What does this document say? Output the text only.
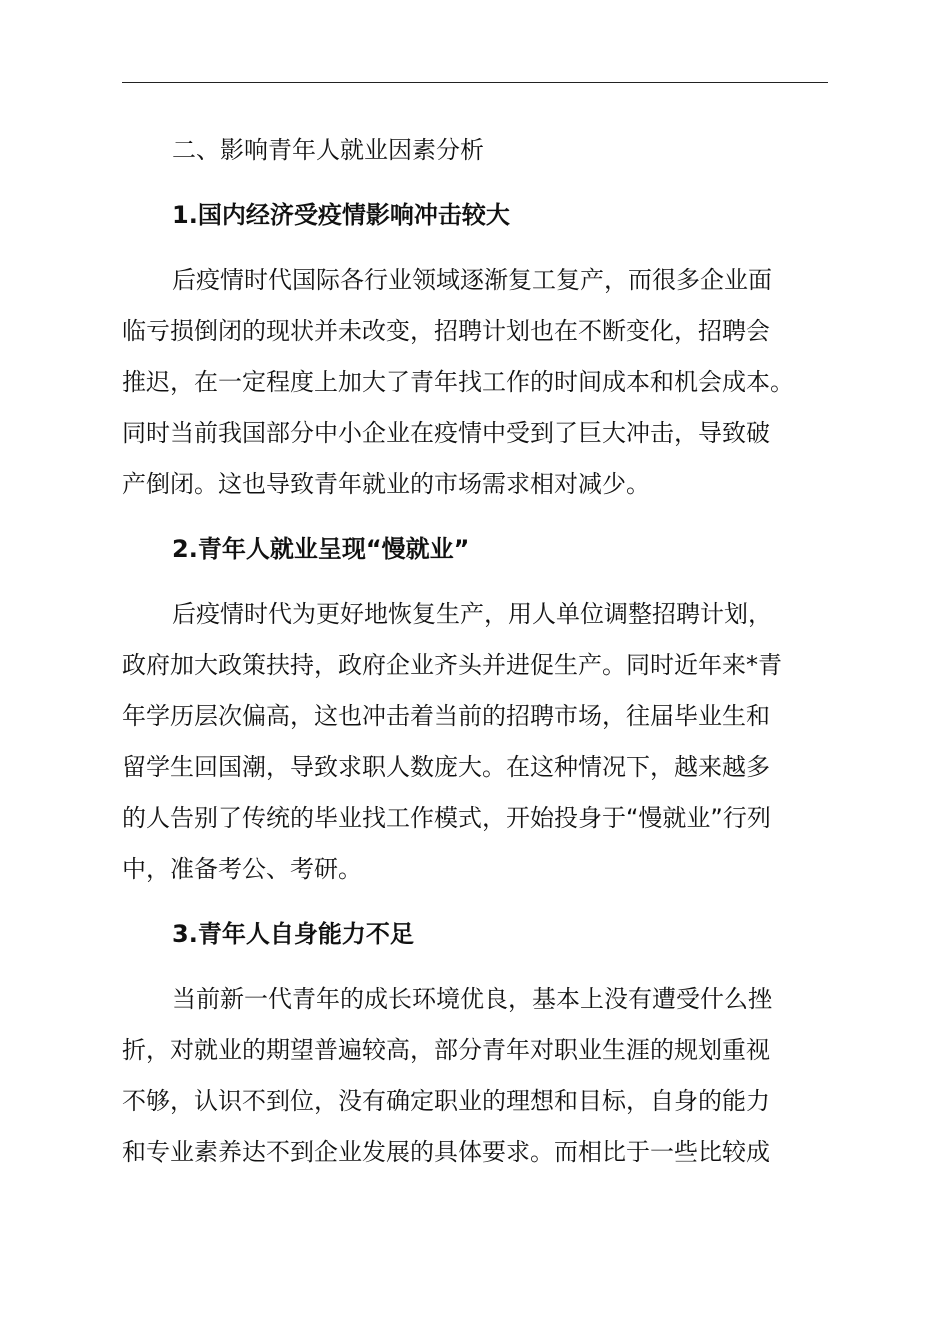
二、影响青年人就业因素分析
1.国内经济受疫情影响冲击较大
后疫情时代国际各行业领域逐渐复工复产，而很多企业面
临亏损倒闭的现状并未改变，招聘计划也在不断变化，招聘会
推迟，在一定程度上加大了青年找工作的时间成本和机会成本。
同时当前我国部分中小企业在疫情中受到了巨大冲击，导致破
产倒闭。这也导致青年就业的市场需求相对减少。
2.青年人就业呈现“慢就业”
后疫情时代为更好地恢复生产，用人单位调整招聘计划，
政府加大政策扶持，政府企业齐头并进促生产。同时近年来*青
年学历层次偏高，这也冲击着当前的招聘市场，往届毕业生和
留学生回国潮，导致求职人数庞大。在这种情况下，越来越多
的人告别了传统的毕业找工作模式，开始投身于“慢就业”行列
中，准备考公、考研。
3.青年人自身能力不足
当前新一代青年的成长环境优良，基本上没有遭受什么挫
折，对就业的期望普遍较高，部分青年对职业生涯的规划重视
不够，认识不到位，没有确定职业的理想和目标，自身的能力
和专业素养达不到企业发展的具体要求。而相比于一些比较成
